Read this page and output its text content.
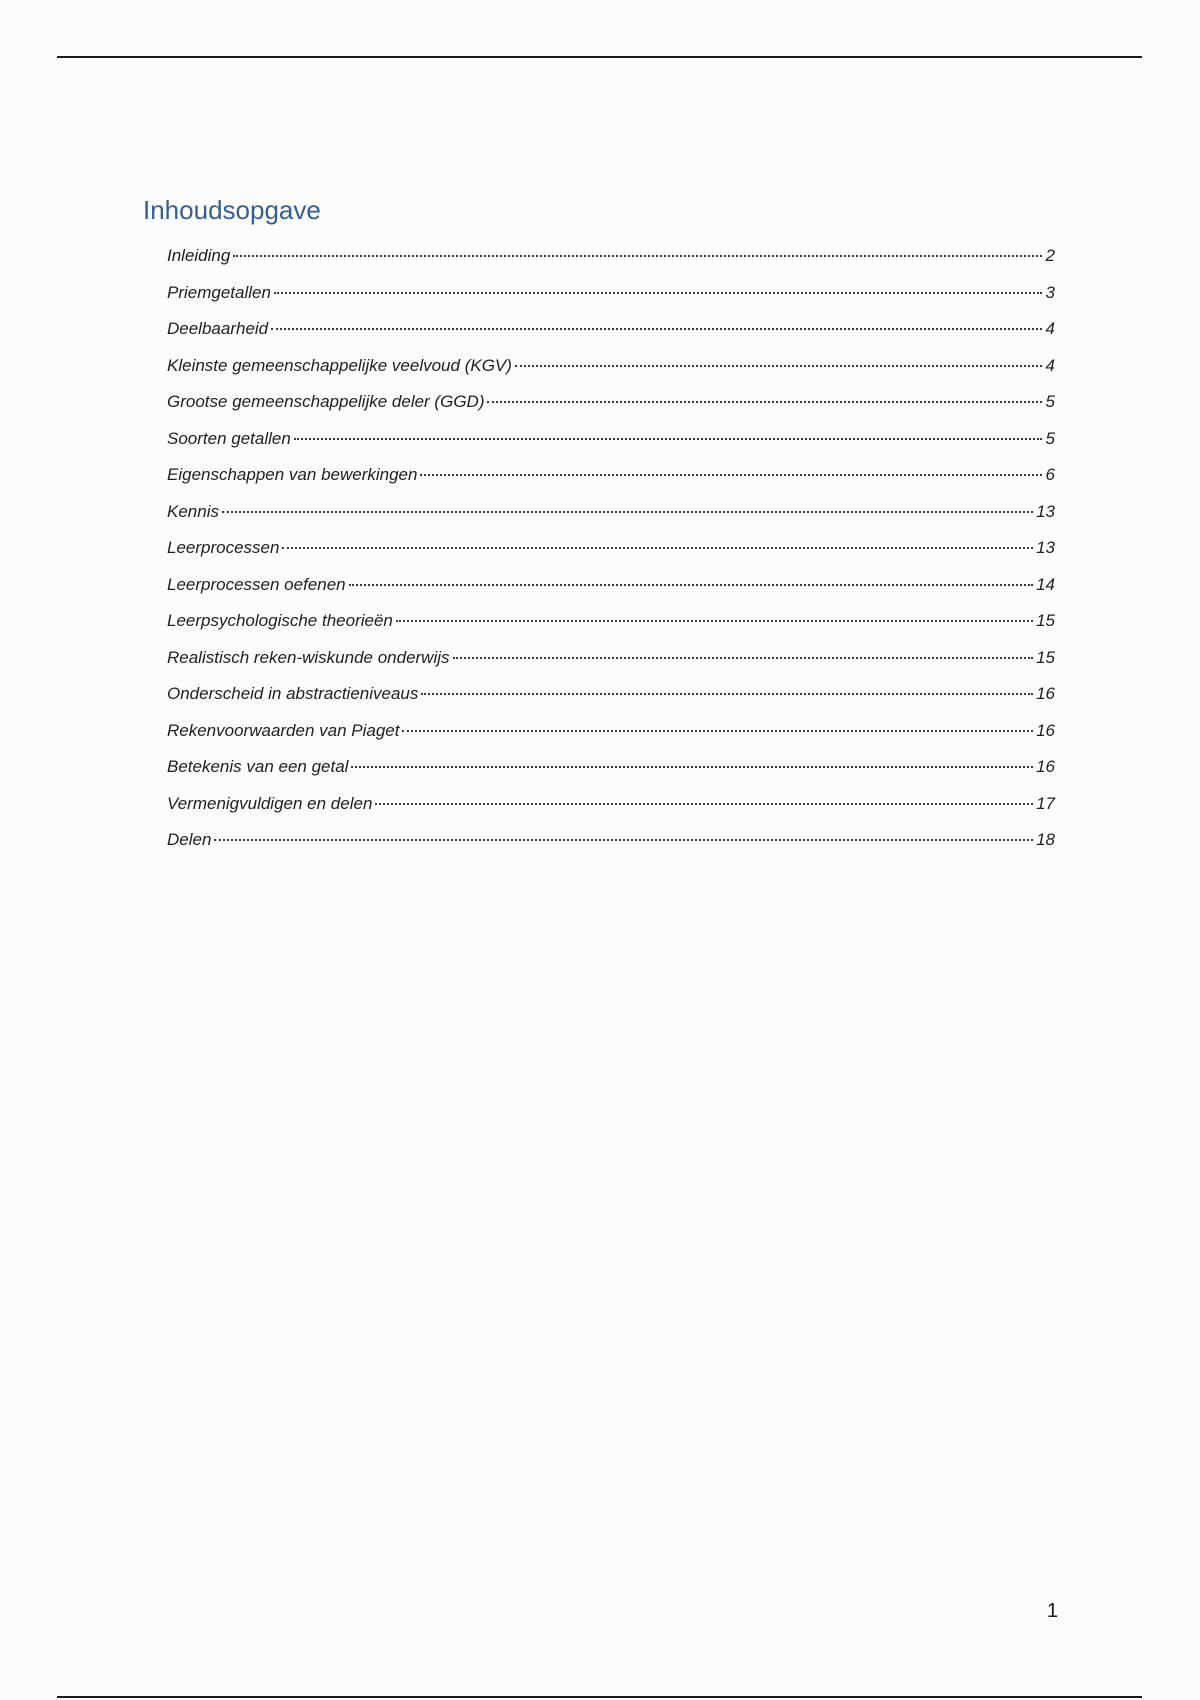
Inhoudsopgave
Inleiding	2
Priemgetallen	3
Deelbaarheid	4
Kleinste gemeenschappelijke veelvoud (KGV)	4
Grootse gemeenschappelijke deler (GGD)	5
Soorten getallen	5
Eigenschappen van bewerkingen	6
Kennis	13
Leerprocessen	13
Leerprocessen oefenen	14
Leerpsychologische theorieën	15
Realistisch reken-wiskunde onderwijs	15
Onderscheid in abstractieniveaus	16
Rekenvoorwaarden van Piaget	16
Betekenis van een getal	16
Vermenigvuldigen en delen	17
Delen	18
1
